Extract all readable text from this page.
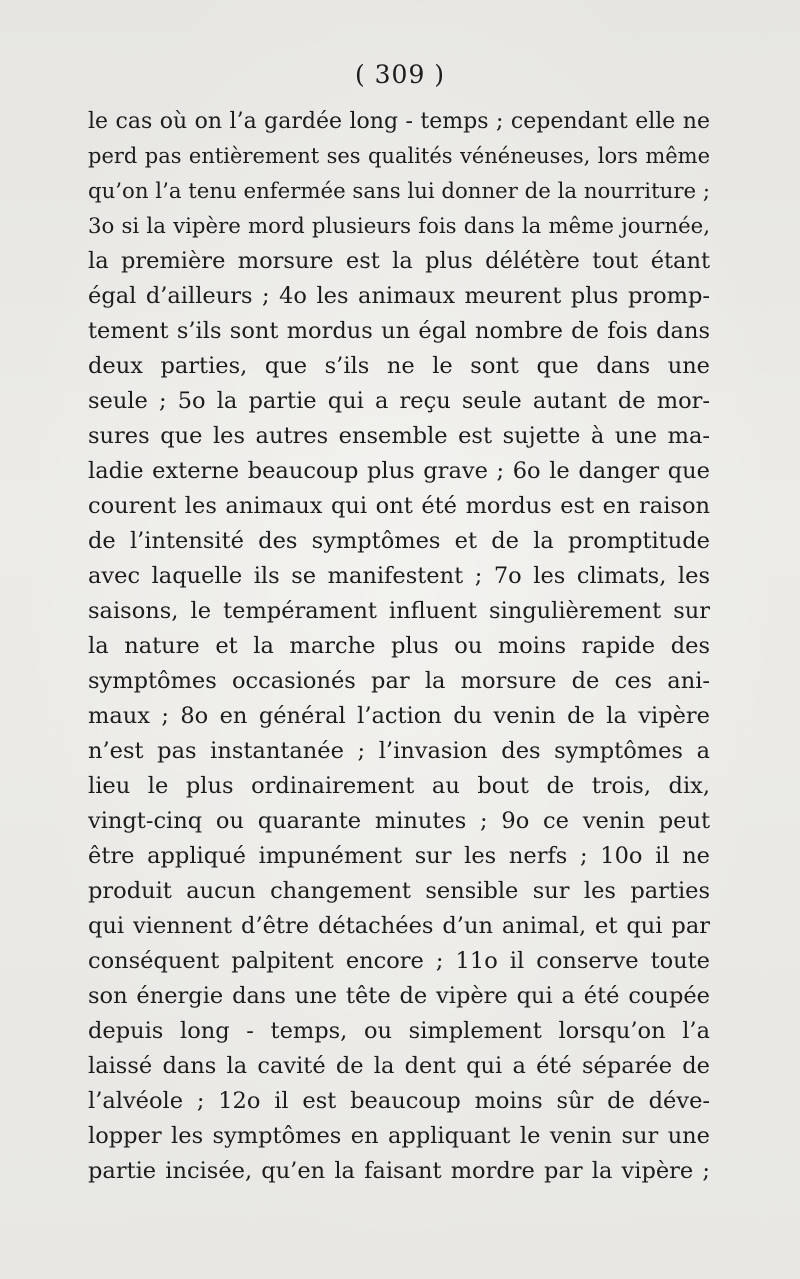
( 309 )
le cas où on l’a gardée long - temps ; cependant elle ne
perd pas entièrement ses qualités vénéneuses, lors même
qu’on l’a tenu enfermée sans lui donner de la nourriture ;
3o si la vipère mord plusieurs fois dans la même journée,
la première morsure est la plus délétère tout étant
égal d’ailleurs ; 4o les animaux meurent plus promp-
tement s’ils sont mordus un égal nombre de fois dans
deux parties, que s’ils ne le sont que dans une
seule ; 5o la partie qui a reçu seule autant de mor-
sures que les autres ensemble est sujette à une ma-
ladie externe beaucoup plus grave ; 6o le danger que
courent les animaux qui ont été mordus est en raison
de l’intensité des symptômes et de la promptitude
avec laquelle ils se manifestent ; 7o les climats, les
saisons, le tempérament influent singulièrement sur
la nature et la marche plus ou moins rapide des
symptômes occasionés par la morsure de ces ani-
maux ; 8o en général l’action du venin de la vipère
n’est pas instantanée ; l’invasion des symptômes a
lieu le plus ordinairement au bout de trois, dix,
vingt-cinq ou quarante minutes ; 9o ce venin peut
être appliqué impunément sur les nerfs ; 10o il ne
produit aucun changement sensible sur les parties
qui viennent d’être détachées d’un animal, et qui par
conséquent palpitent encore ; 11o il conserve toute
son énergie dans une tête de vipère qui a été coupée
depuis long - temps, ou simplement lorsqu’on l’a
laissé dans la cavité de la dent qui a été séparée de
l’alvéole ; 12o il est beaucoup moins sûr de déve-
lopper les symptômes en appliquant le venin sur une
partie incisée, qu’en la faisant mordre par la vipère ;
